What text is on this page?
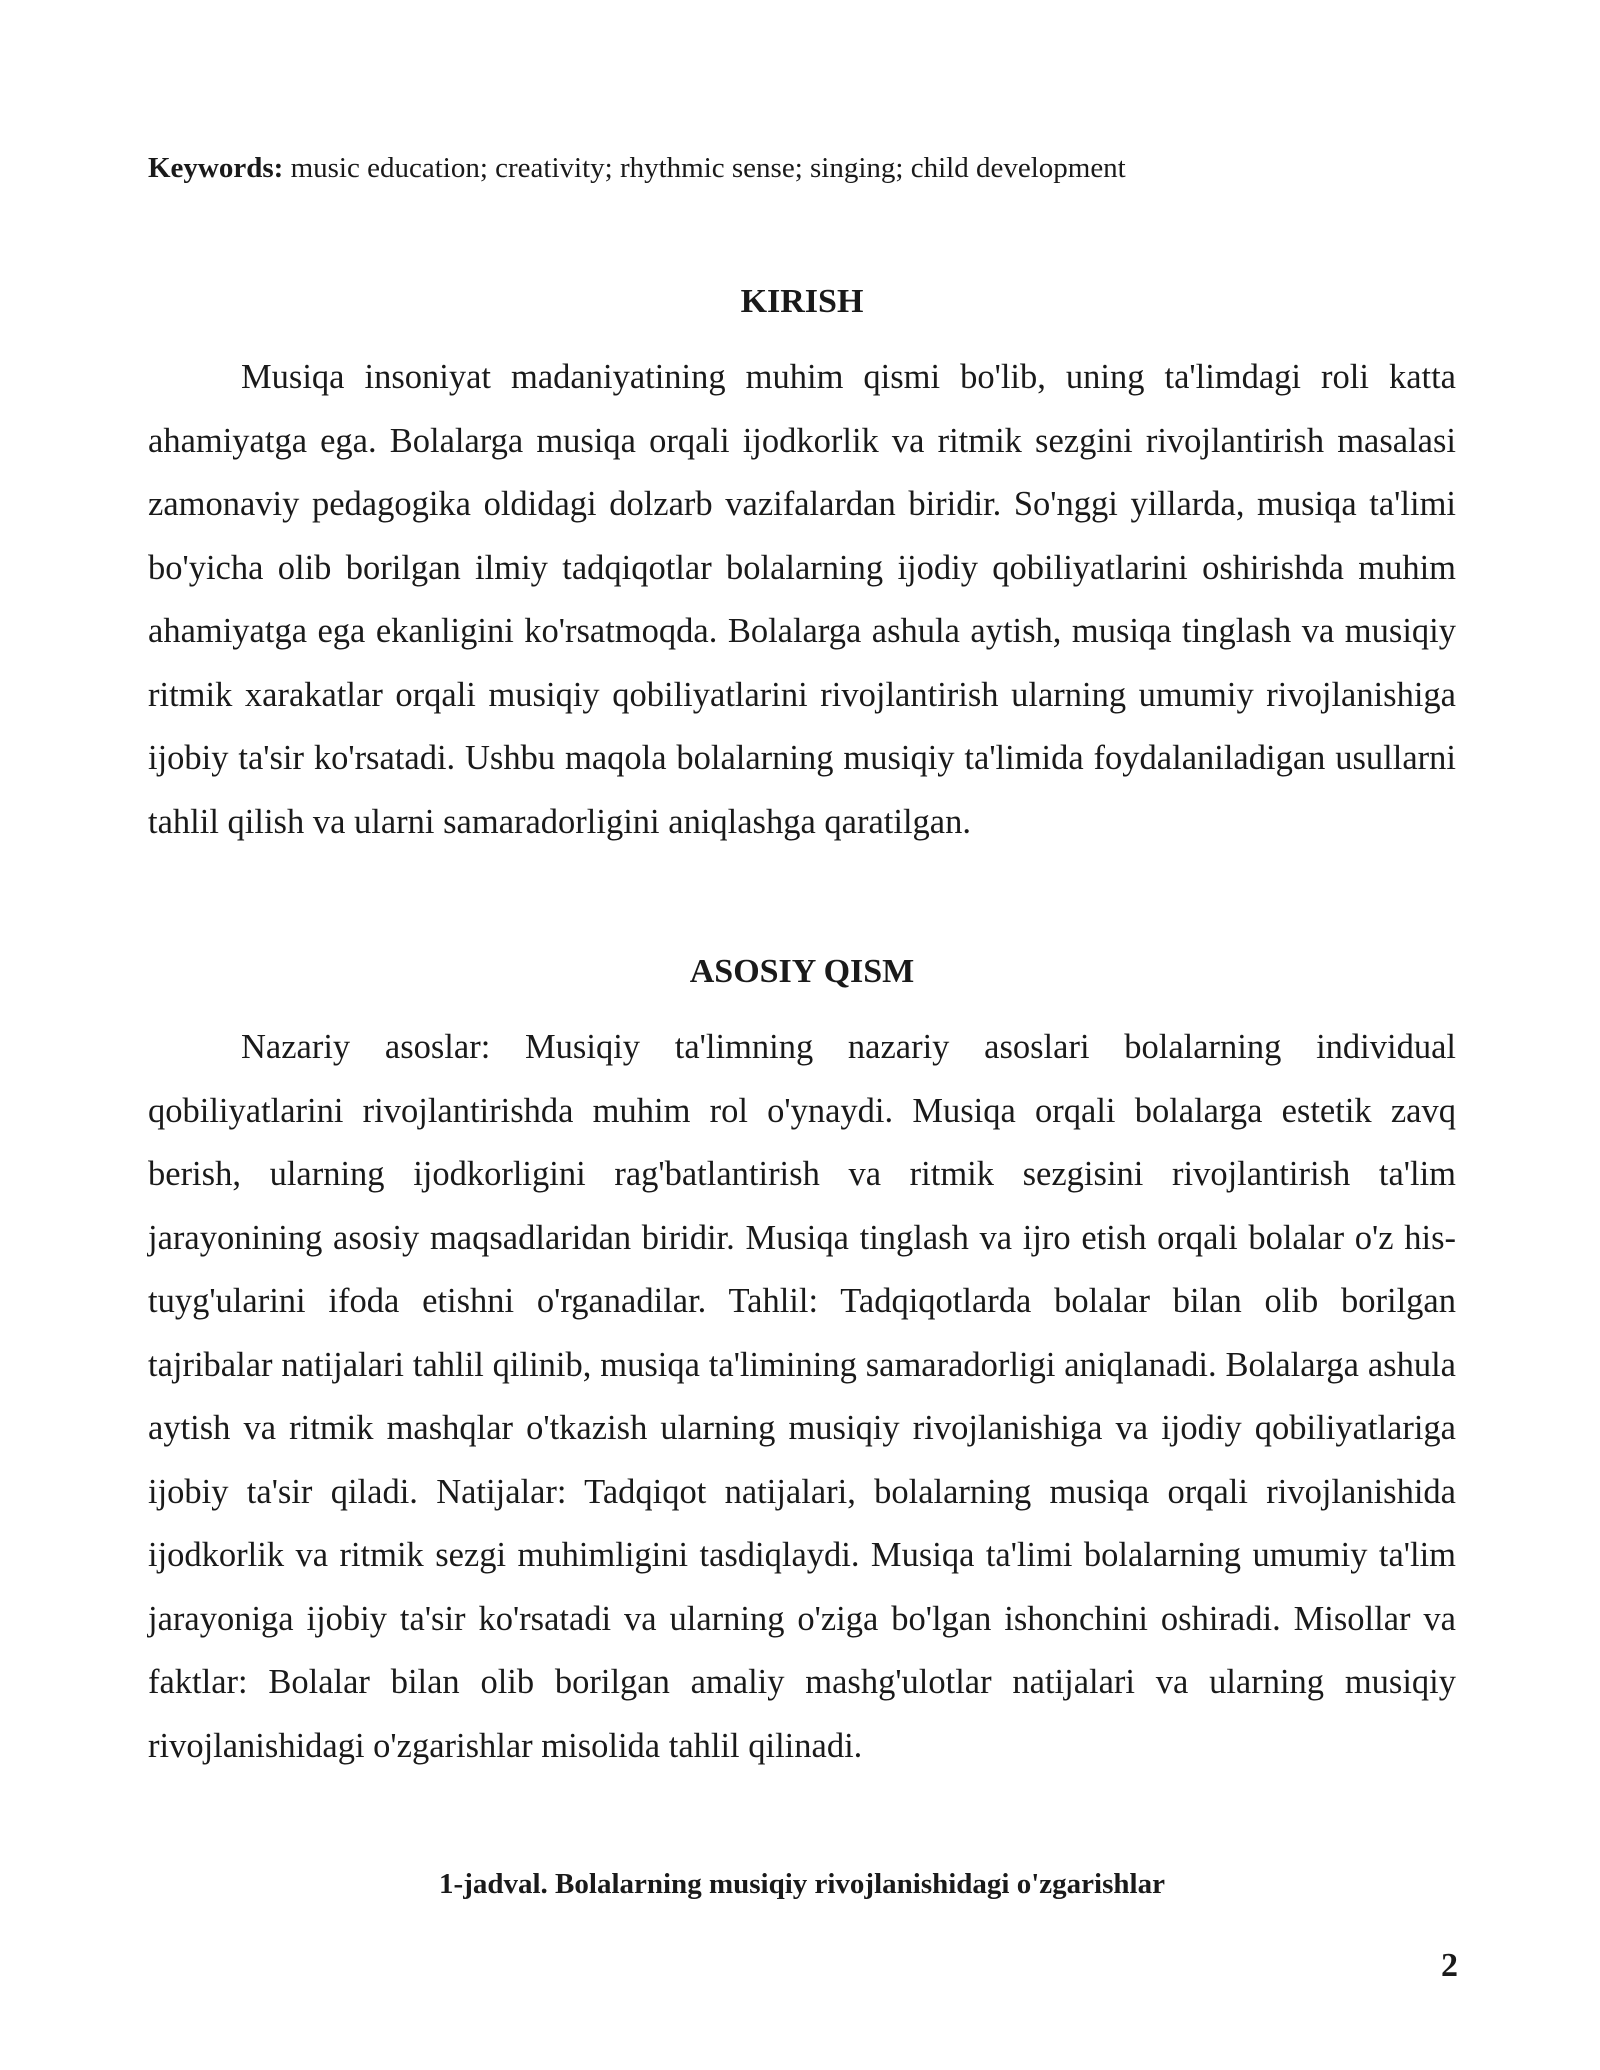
Keywords: music education; creativity; rhythmic sense; singing; child development
KIRISH

Musiqa insoniyat madaniyatining muhim qismi bo'lib, uning ta'limdagi roli katta ahamiyatga ega. Bolalarga musiqa orqali ijodkorlik va ritmik sezgini rivojlantirish masalasi zamonaviy pedagogika oldidagi dolzarb vazifalardan biridir. So'nggi yillarda, musiqa ta'limi bo'yicha olib borilgan ilmiy tadqiqotlar bolalarning ijodiy qobiliyatlarini oshirishda muhim ahamiyatga ega ekanligini ko'rsatmoqda. Bolalarga ashula aytish, musiqa tinglash va musiqiy ritmik xarakatlar orqali musiqiy qobiliyatlarini rivojlantirish ularning umumiy rivojlanishiga ijobiy ta'sir ko'rsatadi. Ushbu maqola bolalarning musiqiy ta'limida foydalaniladigan usullarni tahlil qilish va ularni samaradorligini aniqlashga qaratilgan.

ASOSIY QISM

Nazariy asoslar: Musiqiy ta'limning nazariy asoslari bolalarning individual qobiliyatlarini rivojlantirishda muhim rol o'ynaydi. Musiqa orqali bolalarga estetik zavq berish, ularning ijodkorligini rag'batlantirish va ritmik sezgisini rivojlantirish ta'lim jarayonining asosiy maqsadlaridan biridir. Musiqa tinglash va ijro etish orqali bolalar o'z his-tuyg'ularini ifoda etishni o'rganadilar. Tahlil: Tadqiqotlarda bolalar bilan olib borilgan tajribalar natijalari tahlil qilinib, musiqa ta'limining samaradorligi aniqlanadi. Bolalarga ashula aytish va ritmik mashqlar o'tkazish ularning musiqiy rivojlanishiga va ijodiy qobiliyatlariga ijobiy ta'sir qiladi. Natijalar: Tadqiqot natijalari, bolalarning musiqa orqali rivojlanishida ijodkorlik va ritmik sezgi muhimligini tasdiqlaydi. Musiqa ta'limi bolalarning umumiy ta'lim jarayoniga ijobiy ta'sir ko'rsatadi va ularning o'ziga bo'lgan ishonchini oshiradi. Misollar va faktlar: Bolalar bilan olib borilgan amaliy mashg'ulotlar natijalari va ularning musiqiy rivojlanishidagi o'zgarishlar misolida tahlil qilinadi.

1-jadval. Bolalarning musiqiy rivojlanishidagi o'zgarishlar
2
